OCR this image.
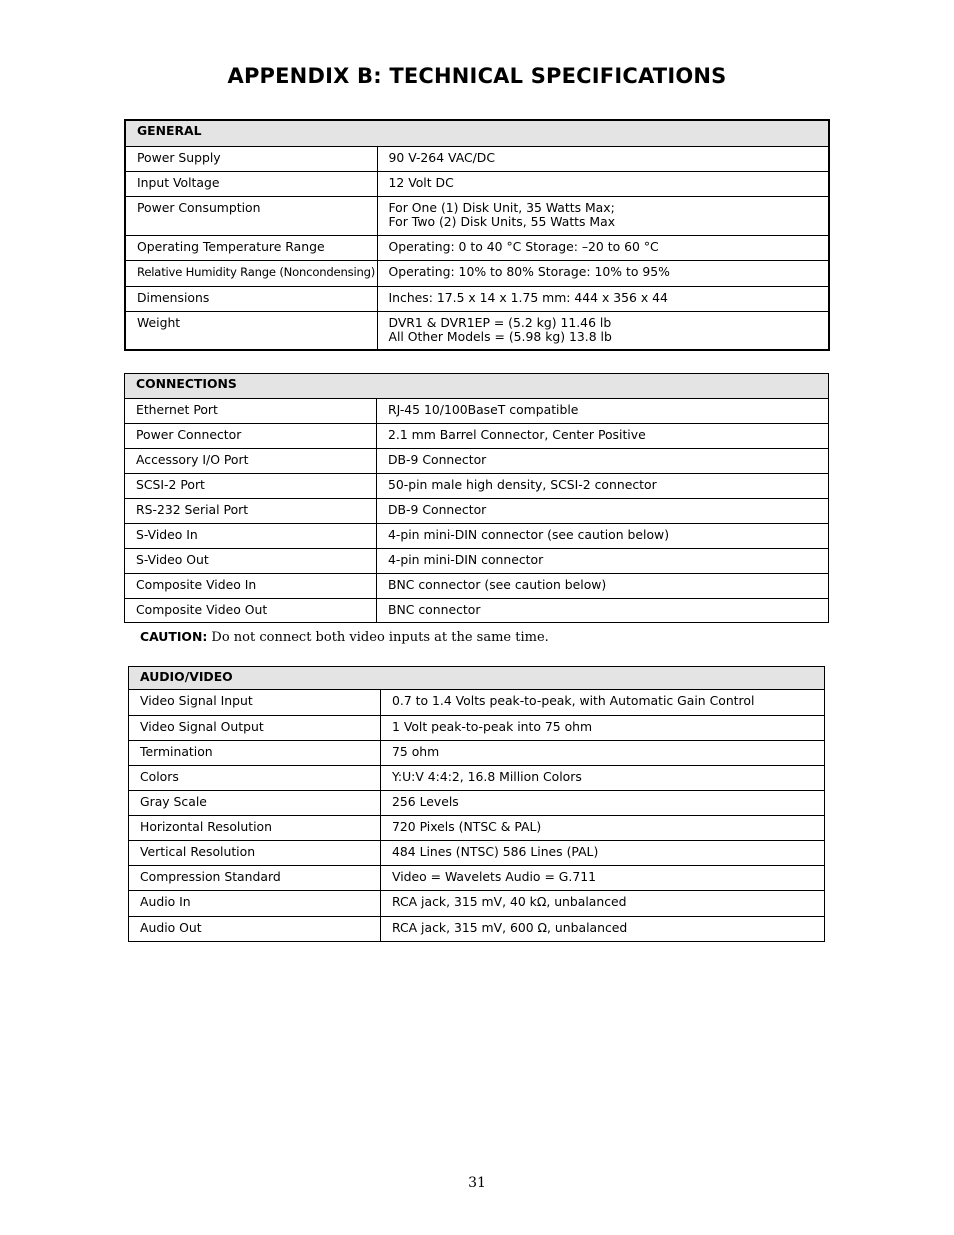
APPENDIX B: TECHNICAL SPECIFICATIONS
GENERAL	
Power Supply	90 V-264 VAC/DC
Input Voltage	12 Volt DC
Power Consumption	For One (1) Disk Unit, 35 Watts Max;
For Two (2) Disk Units, 55 Watts Max

Operating Temperature Range	Operating: 0 to 40 °C Storage: –20 to 60 °C
Relative Humidity Range (Noncondensing)	Operating: 10% to 80% Storage: 10% to 95%
Dimensions	Inches: 17.5 x 14 x 1.75 mm: 444 x 356 x 44
Weight	DVR1 & DVR1EP = (5.2 kg) 11.46 lb
All Other Models = (5.98 kg) 13.8 lb
CONNECTIONS	
Ethernet Port	RJ-45 10/100BaseT compatible
Power Connector	2.1 mm Barrel Connector, Center Positive
Accessory I/O Port	DB-9 Connector
SCSI-2 Port	50-pin male high density, SCSI-2 connector
RS-232 Serial Port	DB-9 Connector
S-Video In	4-pin mini-DIN connector (see caution below)
S-Video Out	4-pin mini-DIN connector
Composite Video In	BNC connector (see caution below)
Composite Video Out	BNC connector
CAUTION: Do not connect both video inputs at the same time.
AUDIO/VIDEO	
Video Signal Input	0.7 to 1.4 Volts peak-to-peak, with Automatic Gain Control
Video Signal Output	1 Volt peak-to-peak into 75 ohm
Termination	75 ohm
Colors	Y:U:V 4:4:2, 16.8 Million Colors
Gray Scale	256 Levels
Horizontal Resolution	720 Pixels (NTSC & PAL)
Vertical Resolution	484 Lines (NTSC) 586 Lines (PAL)
Compression Standard	Video = Wavelets Audio = G.711
Audio In	RCA jack, 315 mV, 40 kΩ, unbalanced
Audio Out	RCA jack, 315 mV, 600 Ω, unbalanced
31
